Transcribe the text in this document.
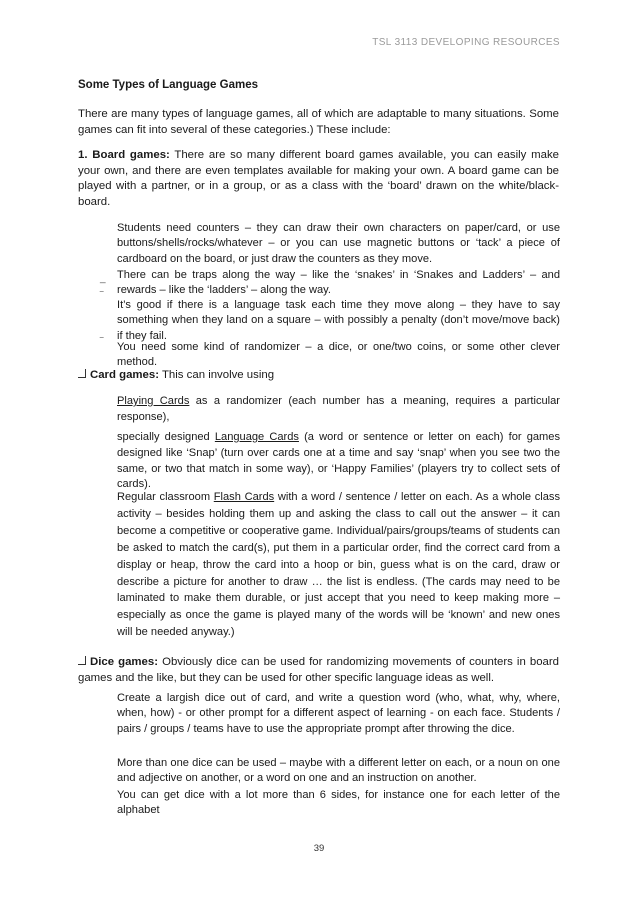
TSL 3113 DEVELOPING RESOURCES
Some Types of Language Games
There are many types of language games, all of which are adaptable to many situations. Some games can fit into several of these categories.) These include:
1. Board games: There are so many different board games available, you can easily make your own, and there are even templates available for making your own. A board game can be played with a partner, or in a group, or as a class with the ‘board’ drawn on the white/black-board.
_
‾
‾
Students need counters – they can draw their own characters on paper/card, or use buttons/shells/rocks/whatever – or you can use magnetic buttons or ‘tack’ a piece of cardboard on the board, or just draw the counters as they move.
There can be traps along the way – like the ‘snakes’ in ‘Snakes and Ladders’ – and rewards – like the ‘ladders’ – along the way.
It’s good if there is a language task each time they move along – they have to say something when they land on a square – with possibly a penalty (don’t move/move back) if they fail.
You need some kind of randomizer – a dice, or one/two coins, or some other clever method.
Card games: This can involve using
Playing Cards as a randomizer (each number has a meaning, requires a particular response),
specially designed Language Cards (a word or sentence or letter on each) for games designed like ‘Snap’ (turn over cards one at a time and say ‘snap’ when you see two the same, or two that match in some way), or ‘Happy Families’ (players try to collect sets of cards).
Regular classroom Flash Cards with a word / sentence / letter on each. As a whole class activity – besides holding them up and asking the class to call out the answer – it can become a competitive or cooperative game. Individual/pairs/groups/teams of students can be asked to match the card(s), put them in a particular order, find the correct card from a display or heap, throw the card into a hoop or bin, guess what is on the card, draw or describe a picture for another to draw … the list is endless. (The cards may need to be laminated to make them durable, or just accept that you need to keep making more – especially as once the game is played many of the words will be ‘known’ and new ones will be needed anyway.)
Dice games: Obviously dice can be used for randomizing movements of counters in board games and the like, but they can be used for other specific language ideas as well.
Create a largish dice out of card, and write a question word (who, what, why, where, when, how) - or other prompt for a different aspect of learning - on each face. Students / pairs / groups / teams have to use the appropriate prompt after throwing the dice.
More than one dice can be used – maybe with a different letter on each, or a noun on one and adjective on another, or a word on one and an instruction on another.
You can get dice with a lot more than 6 sides, for instance one for each letter of the alphabet
39
